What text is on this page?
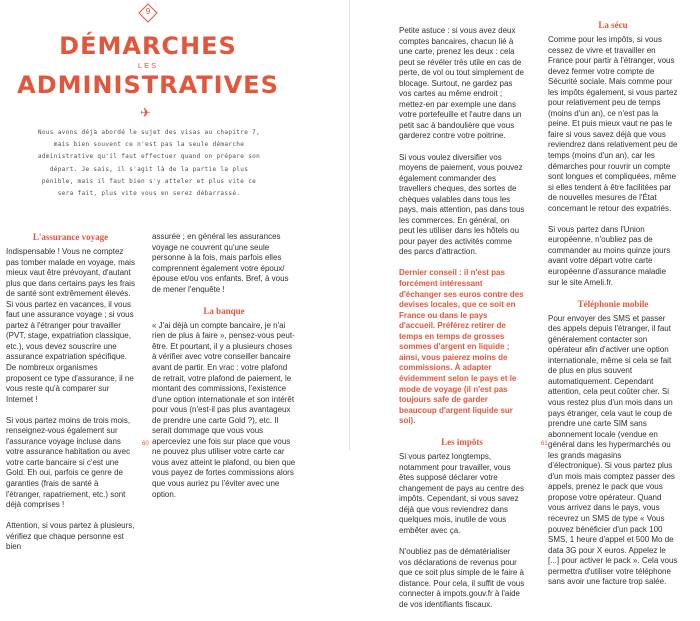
9
DÉMARCHES
LES
ADMINISTRATIVES
✈
Nous avons déjà abordé le sujet des visas au chapitre 7, mais bien souvent ce n'est pas la seule démarche administrative qu'il faut effectuer quand on prépare son départ. Je sais, il s'agit là de la partie la plus pénible, mais il faut bien s'y atteler et plus vite ce sera fait, plus vite vous en serez débarrassé.
L'assurance voyage

Indispensable ! Vous ne comptez pas tomber malade en voyage, mais mieux vaut être prévoyant, d'autant plus que dans certains pays les frais de santé sont extrêmement élevés. Si vous partez en vacances, il vous faut une assurance voyage ; si vous partez à l'étranger pour travailler (PVT, stage, expatriation classique, etc.), vous devez souscrire une assurance expatriation spécifique. De nombreux organismes proposent ce type d'assurance, il ne vous reste qu'à comparer sur Internet !

Si vous partez moins de trois mois, renseignez-vous également sur l'assurance voyage incluse dans votre assurance habitation ou avec votre carte bancaire si c'est une Gold. Eh oui, parfois ce genre de garanties (frais de santé à l'étranger, rapatriement, etc.) sont déjà comprises !

Attention, si vous partez à plusieurs, vérifiez que chaque personne est bien

assurée ; en général les assurances voyage ne couvrent qu'une seule personne à la fois, mais parfois elles comprennent également votre époux/épouse et/ou vos enfants. Bref, à vous de mener l'enquête !

La banque

« J'ai déjà un compte bancaire, je n'ai rien de plus à faire », pensez-vous peut-être. Et pourtant, il y a plusieurs choses à vérifier avec votre conseiller bancaire avant de partir. En vrac : votre plafond de retrait, votre plafond de paiement, le montant des commissions, l'existence d'une option internationale et son intérêt pour vous (n'est-il pas plus avantageux de prendre une carte Gold ?), etc. Il serait dommage que vous vous aperceviez une fois sur place que vous ne pouvez plus utiliser votre carte car vous avez atteint le plafond, ou bien que vous payez de fortes commissions alors que vous auriez pu l'éviter avec une option.

60

Petite astuce : si vous avez deux comptes bancaires, chacun lié à une carte, prenez les deux : cela peut se révéler très utile en cas de perte, de vol ou tout simplement de blocage. Surtout, ne gardez pas vos cartes au même endroit ; mettez-en par exemple une dans votre portefeuille et l'autre dans un petit sac à bandoulière que vous garderez contre votre poitrine.

Si vous voulez diversifier vos moyens de paiement, vous pouvez également commander des travellers cheques, des sortes de chèques valables dans tous les pays, mais attention, pas dans tous les commerces. En général, on peut les utiliser dans les hôtels ou pour payer des activités comme des parcs d'attraction.

Dernier conseil : il n'est pas forcément intéressant d'échanger ses euros contre des devises locales, que ce soit en France ou dans le pays d'accueil. Préférez retirer de temps en temps de grosses sommes d'argent en liquide ; ainsi, vous paierez moins de commissions. À adapter évidemment selon le pays et le mode de voyage (il n'est pas toujours safe de garder beaucoup d'argent liquide sur soi).

Les impôts

Si vous partez longtemps, notamment pour travailler, vous êtes supposé déclarer votre changement de pays au centre des impôts. Cependant, si vous savez déjà que vous reviendrez dans quelques mois, inutile de vous embêter avec ça.

N'oubliez pas de dématérialiser vos déclarations de revenus pour que ce soit plus simple de le faire à distance. Pour cela, il suffit de vous connecter à impots.gouv.fr à l'aide de vos identifiants fiscaux.

La sécu

Comme pour les impôts, si vous cessez de vivre et travailler en France pour partir à l'étranger, vous devez fermer votre compte de Sécurité sociale. Mais comme pour les impôts également, si vous partez pour relativement peu de temps (moins d'un an), ce n'est pas la peine. Et puis mieux vaut ne pas le faire si vous savez déjà que vous reviendrez dans relativement peu de temps (moins d'un an), car les démarches pour rouvrir un compte sont longues et compliquées, même si elles tendent à être facilitées par de nouvelles mesures de l'État concernant le retour des expatriés.

Si vous partez dans l'Union européenne, n'oubliez pas de commander au moins quinze jours avant votre départ votre carte européenne d'assurance maladie sur le site Ameli.fr.

Téléphonie mobile

Pour envoyer des SMS et passer des appels depuis l'étranger, il faut généralement contacter son opérateur afin d'activer une option internationale, même si cela se fait de plus en plus souvent automatiquement. Cependant attention, cela peut coûter cher. Si vous restez plus d'un mois dans un pays étranger, cela vaut le coup de prendre une carte SIM sans abonnement locale (vendue en général dans les hypermarchés ou les grands magasins d'électronique). Si vous partez plus d'un mois mais comptez passer des appels, prenez le pack que vous propose votre opérateur. Quand vous arrivez dans le pays, vous recevrez un SMS de type « Vous pouvez bénéficier d'un pack 100 SMS, 1 heure d'appel et 500 Mo de data 3G pour X euros. Appelez le [...] pour activer le pack ». Cela vous permettra d'utiliser votre téléphone sans avoir une facture trop salée.

61
